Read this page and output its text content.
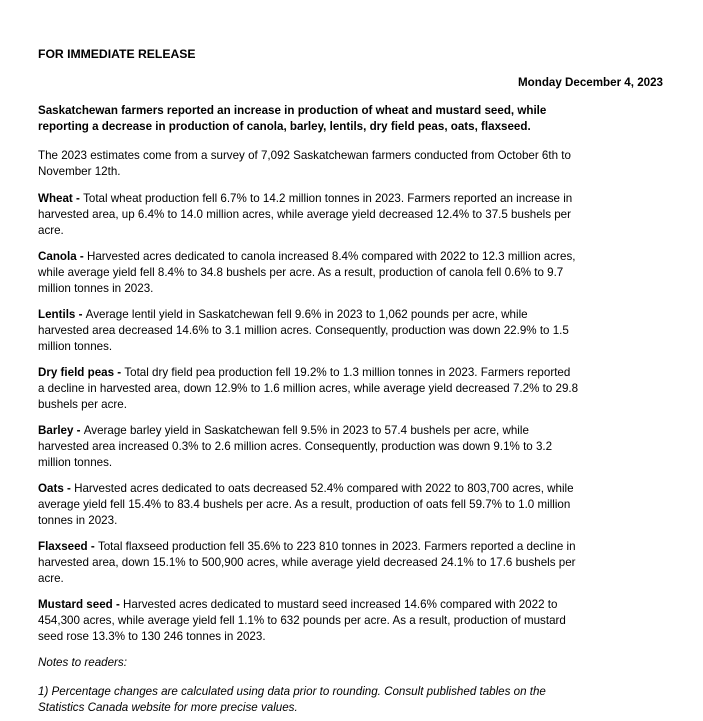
FOR IMMEDIATE RELEASE

Monday December 4, 2023

Saskatchewan farmers reported an increase in production of wheat and mustard seed, while
reporting a decrease in production of canola, barley, lentils, dry field peas, oats, flaxseed.

The 2023 estimates come from a survey of 7,092 Saskatchewan farmers conducted from October 6th to
November 12th.

Wheat - Total wheat production fell 6.7% to 14.2 million tonnes in 2023. Farmers reported an increase in
harvested area, up 6.4% to 14.0 million acres, while average yield decreased 12.4% to 37.5 bushels per
acre.

Canola - Harvested acres dedicated to canola increased 8.4% compared with 2022 to 12.3 million acres,
while average yield fell 8.4% to 34.8 bushels per acre. As a result, production of canola fell 0.6% to 9.7
million tonnes in 2023.

Lentils - Average lentil yield in Saskatchewan fell 9.6% in 2023 to 1,062 pounds per acre, while
harvested area decreased 14.6% to 3.1 million acres. Consequently, production was down 22.9% to 1.5
million tonnes.

Dry field peas - Total dry field pea production fell 19.2% to 1.3 million tonnes in 2023. Farmers reported
a decline in harvested area, down 12.9% to 1.6 million acres, while average yield decreased 7.2% to 29.8
bushels per acre.

Barley - Average barley yield in Saskatchewan fell 9.5% in 2023 to 57.4 bushels per acre, while
harvested area increased 0.3% to 2.6 million acres. Consequently, production was down 9.1% to 3.2
million tonnes.

Oats - Harvested acres dedicated to oats decreased 52.4% compared with 2022 to 803,700 acres, while
average yield fell 15.4% to 83.4 bushels per acre. As a result, production of oats fell 59.7% to 1.0 million
tonnes in 2023.

Flaxseed - Total flaxseed production fell 35.6% to 223 810 tonnes in 2023. Farmers reported a decline in
harvested area, down 15.1% to 500,900 acres, while average yield decreased 24.1% to 17.6 bushels per
acre.

Mustard seed - Harvested acres dedicated to mustard seed increased 14.6% compared with 2022 to
454,300 acres, while average yield fell 1.1% to 632 pounds per acre. As a result, production of mustard
seed rose 13.3% to 130 246 tonnes in 2023.

Notes to readers:

1) Percentage changes are calculated using data prior to rounding. Consult published tables on the
Statistics Canada website for more precise values.
